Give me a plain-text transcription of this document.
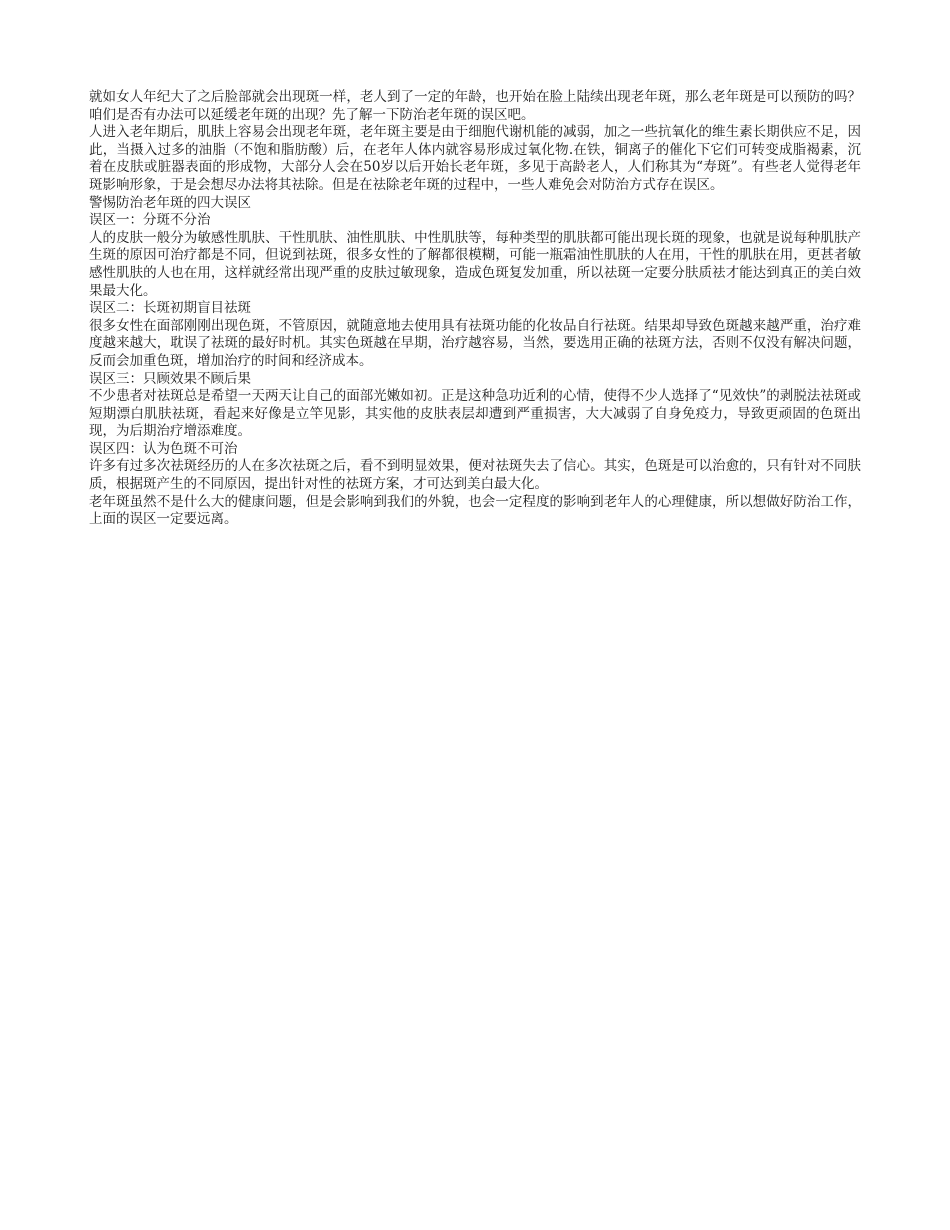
就如女人年纪大了之后脸部就会出现斑一样，老人到了一定的年龄，也开始在脸上陆续出现老年斑，那么老年斑是可以预防的吗？咱们是否有办法可以延缓老年斑的出现？先了解一下防治老年斑的误区吧。

人进入老年期后，肌肤上容易会出现老年斑，老年斑主要是由于细胞代谢机能的减弱，加之一些抗氧化的维生素长期供应不足，因此，当摄入过多的油脂（不饱和脂肪酸）后，在老年人体内就容易形成过氧化物.在铁，铜离子的催化下它们可转变成脂褐素，沉着在皮肤或脏器表面的形成物，大部分人会在50岁以后开始长老年斑，多见于高龄老人，人们称其为“寿斑”。有些老人觉得老年斑影响形象，于是会想尽办法将其祛除。但是在祛除老年斑的过程中，一些人难免会对防治方式存在误区。

警惕防治老年斑的四大误区

误区一：分斑不分治

人的皮肤一般分为敏感性肌肤、干性肌肤、油性肌肤、中性肌肤等，每种类型的肌肤都可能出现长斑的现象，也就是说每种肌肤产生斑的原因可治疗都是不同，但说到祛斑，很多女性的了解都很模糊，可能一瓶霜油性肌肤的人在用，干性的肌肤在用，更甚者敏感性肌肤的人也在用，这样就经常出现严重的皮肤过敏现象，造成色斑复发加重，所以祛斑一定要分肤质祛才能达到真正的美白效果最大化。

误区二：长斑初期盲目祛斑

很多女性在面部刚刚出现色斑，不管原因，就随意地去使用具有祛斑功能的化妆品自行祛斑。结果却导致色斑越来越严重，治疗难度越来越大，耽误了祛斑的最好时机。其实色斑越在早期，治疗越容易，当然，要选用正确的祛斑方法，否则不仅没有解决问题，反而会加重色斑，增加治疗的时间和经济成本。

误区三：只顾效果不顾后果

不少患者对祛斑总是希望一天两天让自己的面部光嫩如初。正是这种急功近利的心情，使得不少人选择了“见效快”的剥脱法祛斑或短期漂白肌肤祛斑，看起来好像是立竿见影，其实他的皮肤表层却遭到严重损害，大大减弱了自身免疫力，导致更顽固的色斑出现，为后期治疗增添难度。

误区四：认为色斑不可治

许多有过多次祛斑经历的人在多次祛斑之后，看不到明显效果，便对祛斑失去了信心。其实，色斑是可以治愈的，只有针对不同肤质，根据斑产生的不同原因，提出针对性的祛斑方案，才可达到美白最大化。

老年斑虽然不是什么大的健康问题，但是会影响到我们的外貌，也会一定程度的影响到老年人的心理健康，所以想做好防治工作，上面的误区一定要远离。
